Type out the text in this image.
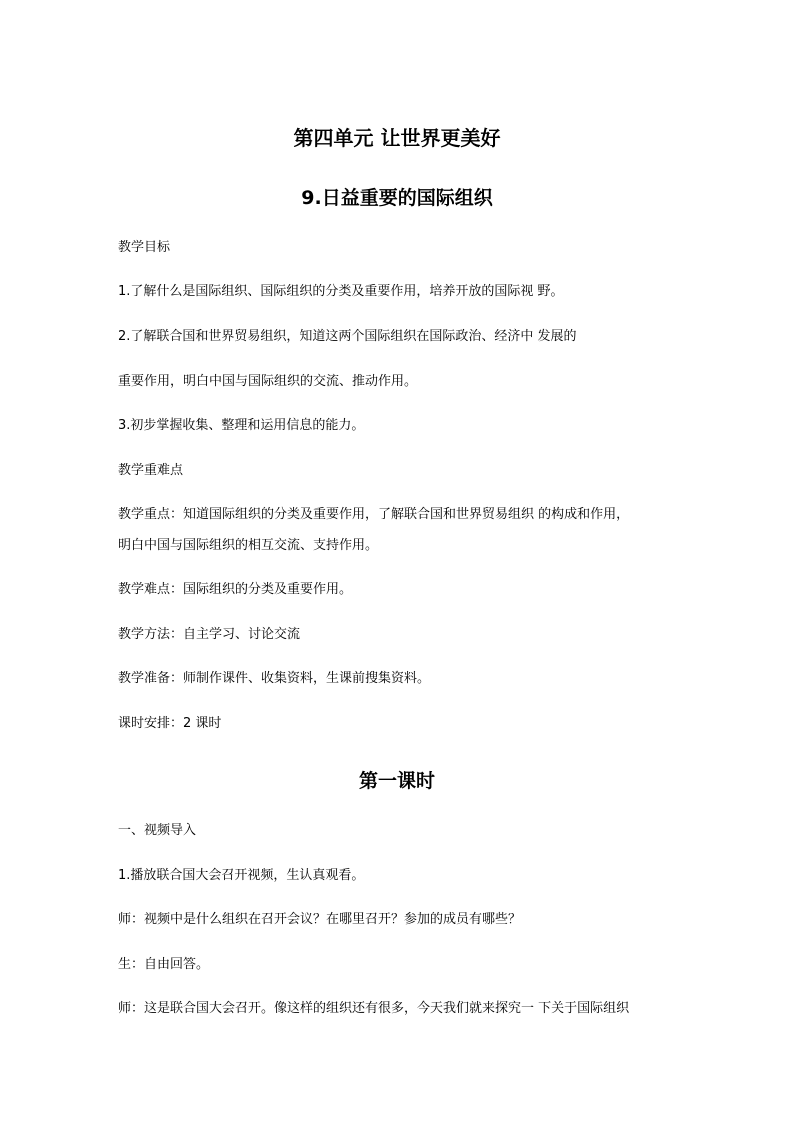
第四单元 让世界更美好
9.日益重要的国际组织
教学目标
1.了解什么是国际组织、国际组织的分类及重要作用，培养开放的国际视 野。
2.了解联合国和世界贸易组织，知道这两个国际组织在国际政治、经济中 发展的
重要作用，明白中国与国际组织的交流、推动作用。
3.初步掌握收集、整理和运用信息的能力。
教学重难点
教学重点：知道国际组织的分类及重要作用，了解联合国和世界贸易组织 的构成和作用，
明白中国与国际组织的相互交流、支持作用。
教学难点：国际组织的分类及重要作用。
教学方法：自主学习、讨论交流
教学准备：师制作课件、收集资料，生课前搜集资料。
课时安排：2 课时
第一课时
一、视频导入
1.播放联合国大会召开视频，生认真观看。
师：视频中是什么组织在召开会议？在哪里召开？参加的成员有哪些？
生：自由回答。
师：这是联合国大会召开。像这样的组织还有很多，今天我们就来探究一 下关于国际组织
